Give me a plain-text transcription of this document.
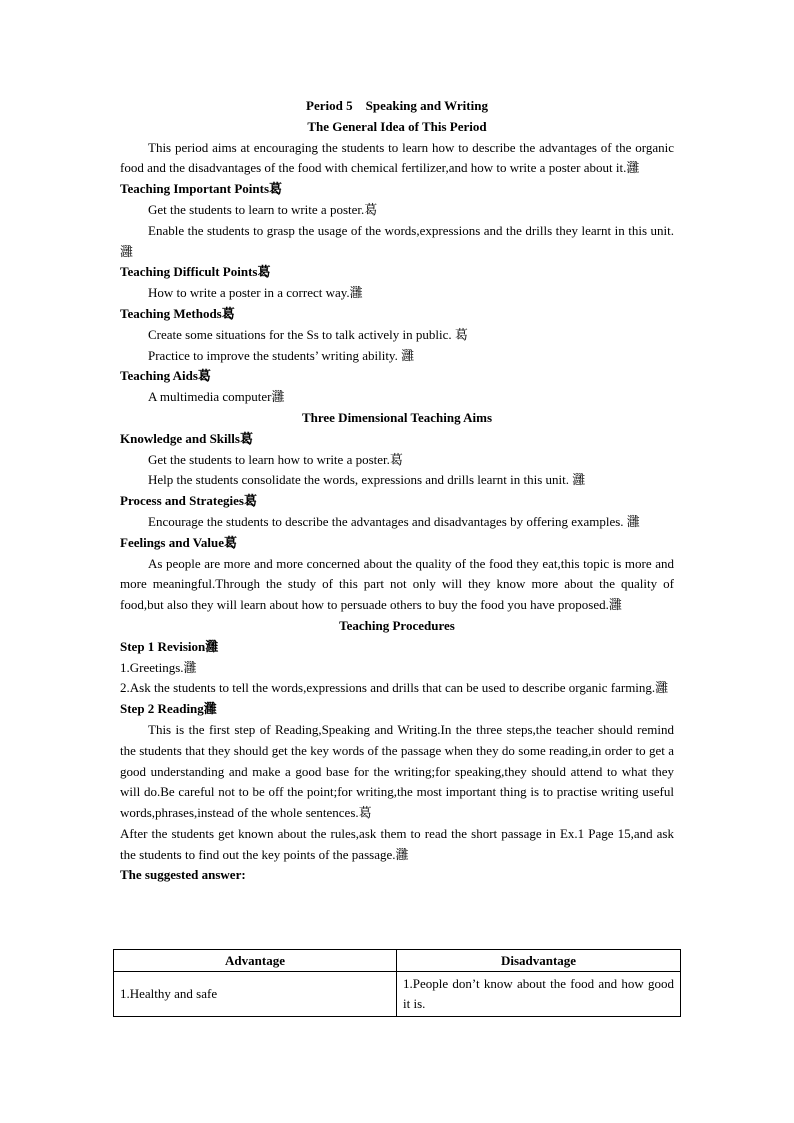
Period 5    Speaking and Writing

The General Idea of This Period

This period aims at encouraging the students to learn how to describe the advantages of the organic food and the disadvantages of the food with chemical fertilizer,and how to write a poster about it.灉

Teaching Important Points葛

Get the students to learn to write a poster.葛

Enable the students to grasp the usage of the words,expressions and the drills they learnt in this unit.灉

Teaching Difficult Points葛

How to write a poster in a correct way.灉

Teaching Methods葛

Create some situations for the Ss to talk actively in public. 葛

Practice to improve the students’ writing ability. 灉

Teaching Aids葛

A multimedia computer灉

Three Dimensional Teaching Aims

Knowledge and Skills葛

Get the students to learn how to write a poster.葛

Help the students consolidate the words, expressions and drills learnt in this unit. 灉

Process and Strategies葛

Encourage the students to describe the advantages and disadvantages by offering examples. 灉

Feelings and Value葛

As people are more and more concerned about the quality of the food they eat,this topic is more and more meaningful.Through the study of this part not only will they know more about the quality of food,but also they will learn about how to persuade others to buy the food you have proposed.灉

Teaching Procedures

Step 1 Revision灉

1.Greetings.灉

2.Ask the students to tell the words,expressions and drills that can be used to describe organic farming.灉

Step 2 Reading灉

This is the first step of Reading,Speaking and Writing.In the three steps,the teacher should remind the students that they should get the key words of the passage when they do some reading,in order to get a good understanding and make a good base for the writing;for speaking,they should attend to what they will do.Be careful not to be off the point;for writing,the most important thing is to practise writing useful words,phrases,instead of the whole sentences.葛

After the students get known about the rules,ask them to read the short passage in Ex.1 Page 15,and ask the students to find out the key points of the passage.灉

The suggested answer:

Advantage	Disadvantage
1.Healthy and safe	1.People don’t know about the food and how good it is.
